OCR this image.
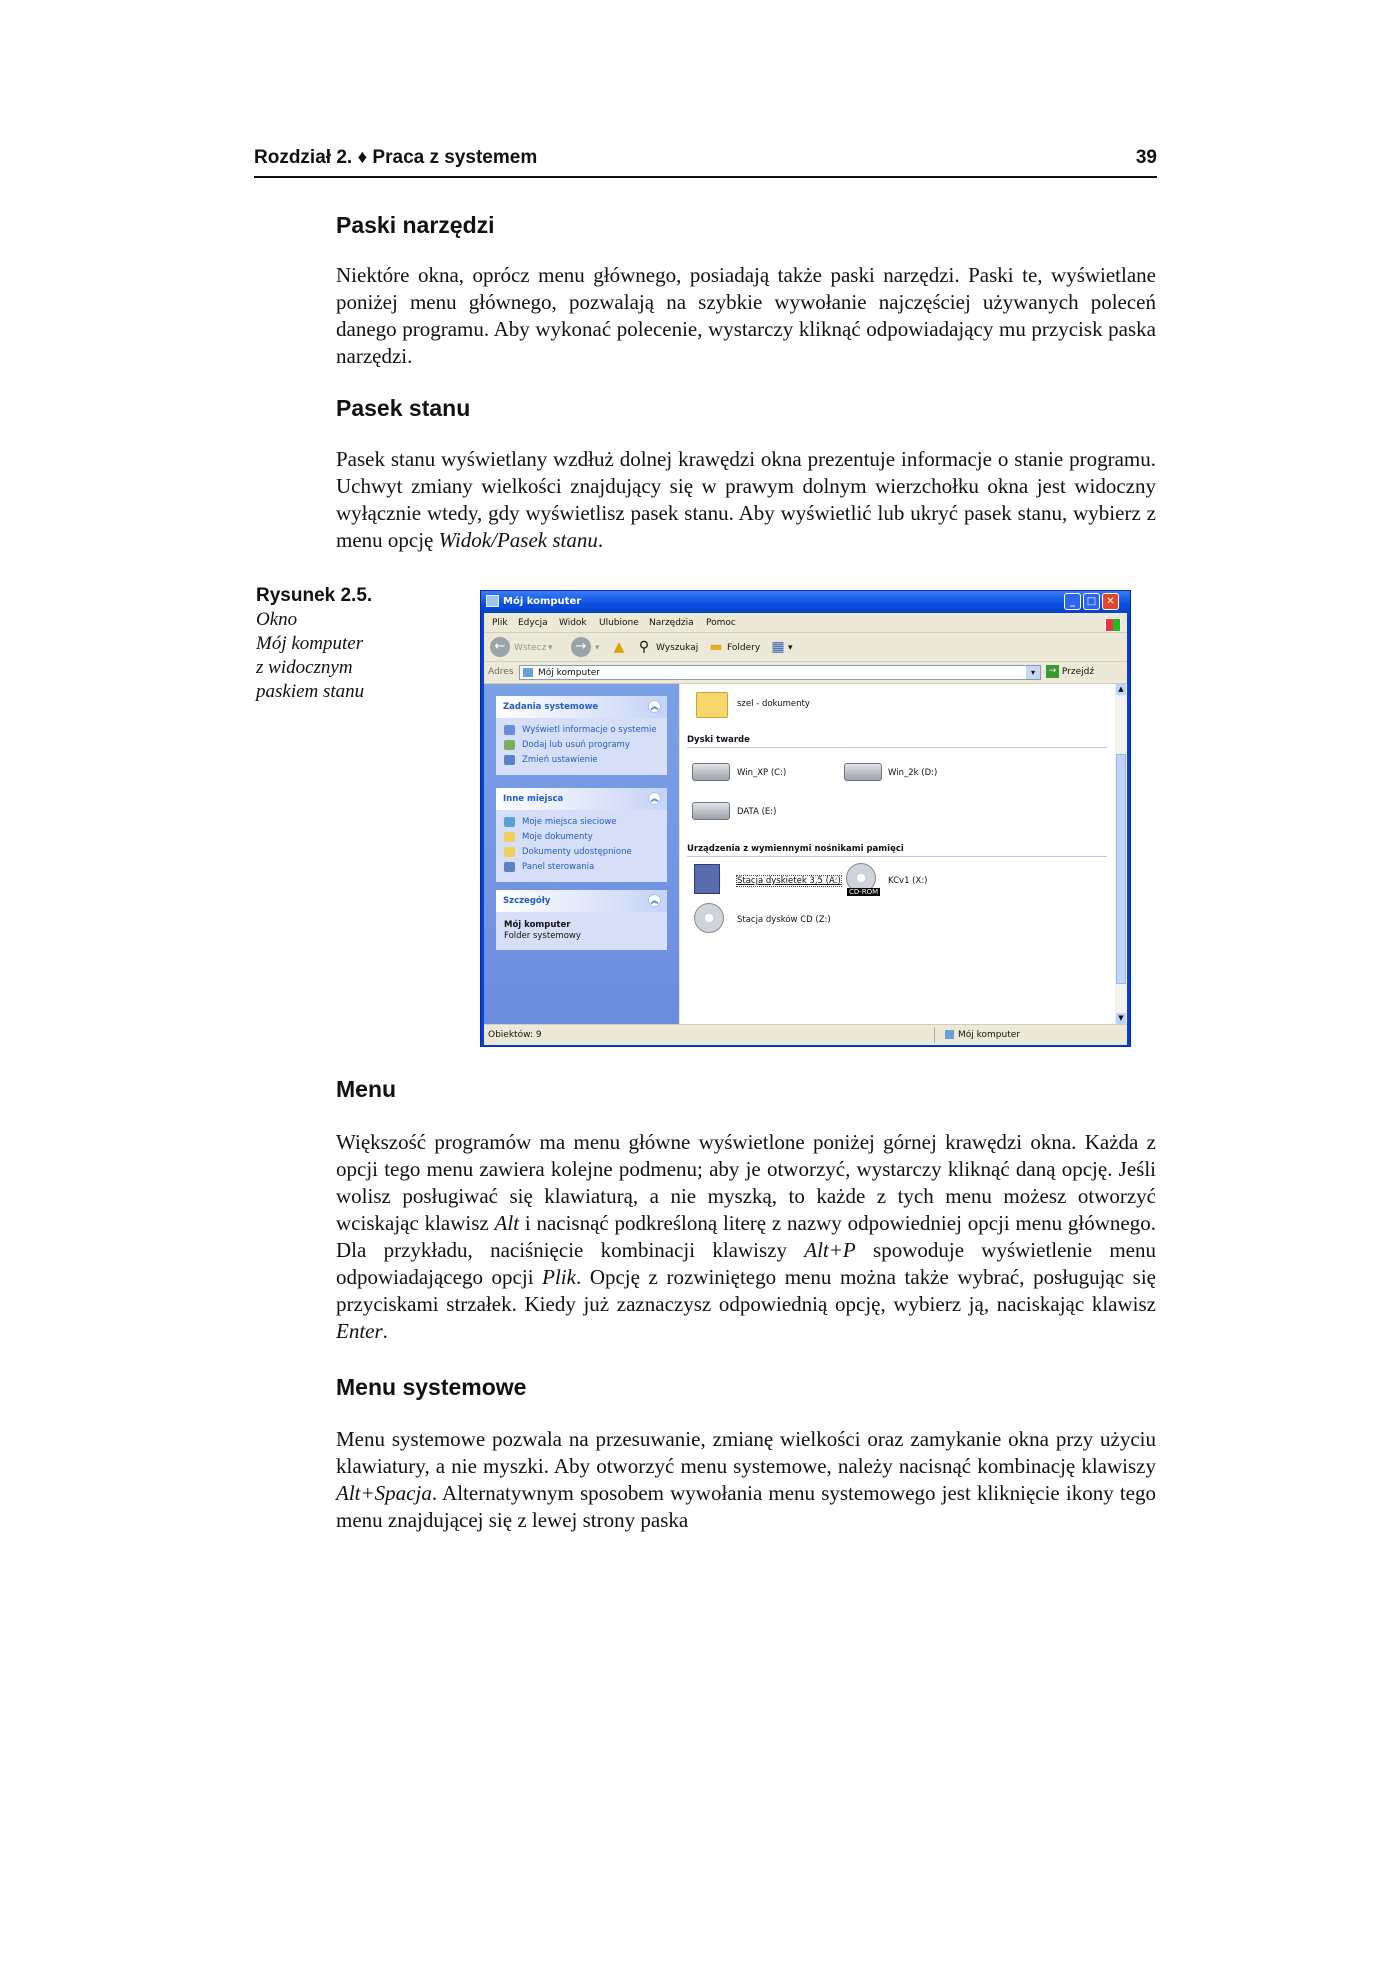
Rozdział 2. ♦ Praca z systemem	39
Paski narzędzi

Niektóre okna, oprócz menu głównego, posiadają także paski narzędzi. Paski te, wyświetlane poniżej menu głównego, pozwalają na szybkie wywołanie najczęściej używanych poleceń danego programu. Aby wykonać polecenie, wystarczy kliknąć odpowiadający mu przycisk paska narzędzi.

Pasek stanu

Pasek stanu wyświetlany wzdłuż dolnej krawędzi okna prezentuje informacje o stanie programu. Uchwyt zmiany wielkości znajdujący się w prawym dolnym wierzchołku okna jest widoczny wyłącznie wtedy, gdy wyświetlisz pasek stanu. Aby wyświetlić lub ukryć pasek stanu, wybierz z menu opcję Widok/Pasek stanu.

Rysunek 2.5.
Okno
Mój komputer
z widocznym
paskiem stanu
Mój komputer	_	□	✕
Plik Edycja Widok Ulubione Narzędzia Pomoc
← Wstecz ▾	→ ▾ ▲ ⚲ Wyszukaj ▬ Foldery ▦ ▾
Adres	Mój komputer	▾	→ Przejdź
Zadania systemowe	︽
Wyświetl informacje o systemie
Dodaj lub usuń programy
Zmień ustawienie
Inne miejsca	︽
Moje miejsca sieciowe
Moje dokumenty
Dokumenty udostępnione
Panel sterowania
Szczegóły	︽
Mój komputer
Folder systemowy
szel - dokumenty
Dyski twarde
Win_XP (C:)	Win_2k (D:)
DATA (E:)
Urządzenia z wymiennymi nośnikami pamięci
Stacja dyskietek 3,5 (A:)
CD-ROM
KCv1 (X:)
Stacja dysków CD (Z:)
▲
▼
Obiektów: 9	Mój komputer
Menu

Większość programów ma menu główne wyświetlone poniżej górnej krawędzi okna. Każda z opcji tego menu zawiera kolejne podmenu; aby je otworzyć, wystarczy kliknąć daną opcję. Jeśli wolisz posługiwać się klawiaturą, a nie myszką, to każde z tych menu możesz otworzyć wciskając klawisz Alt i nacisnąć podkreśloną literę z nazwy odpowiedniej opcji menu głównego. Dla przykładu, naciśnięcie kombinacji klawiszy Alt+P spowoduje wyświetlenie menu odpowiadającego opcji Plik. Opcję z rozwiniętego menu można także wybrać, posługując się przyciskami strzałek. Kiedy już zaznaczysz odpowiednią opcję, wybierz ją, naciskając klawisz Enter.

Menu systemowe

Menu systemowe pozwala na przesuwanie, zmianę wielkości oraz zamykanie okna przy użyciu klawiatury, a nie myszki. Aby otworzyć menu systemowe, należy nacisnąć kombinację klawiszy Alt+Spacja. Alternatywnym sposobem wywołania menu systemowego jest kliknięcie ikony tego menu znajdującej się z lewej strony paska
